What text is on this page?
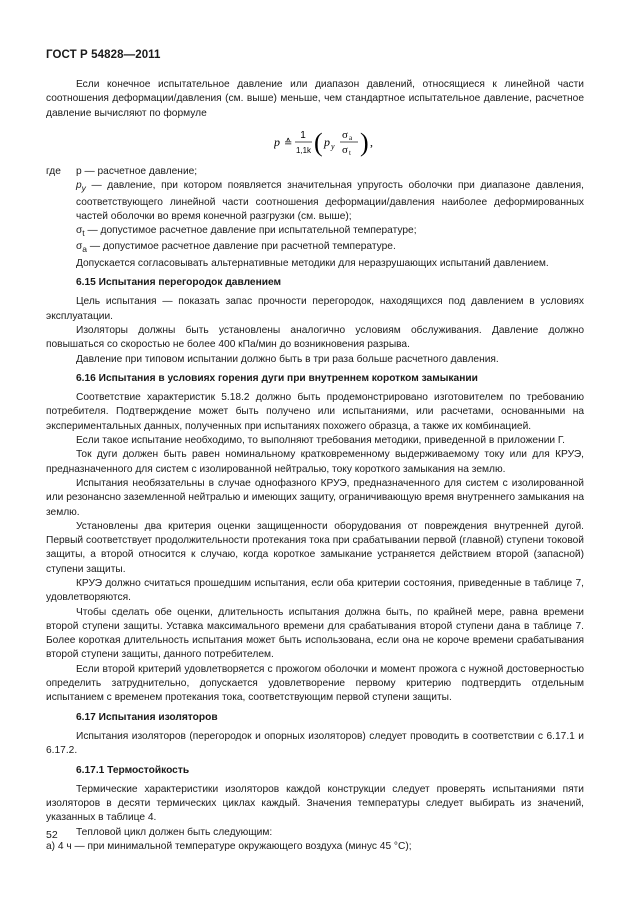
ГОСТ Р 54828—2011

Если конечное испытательное давление или диапазон давлений, относящиеся к линейной части соотношения деформации/давления (см. выше) меньше, чем стандартное испытательное давление, расчетное давление вычисляют по формуле

p ≙
1
1,1k ( p y
σ a
σ t ) ,
где	p — расчетное давление;

$p_y$ — давление, при котором появляется значительная упругость оболочки при диапазоне давления, соответствующего линейной части соотношения деформации/давления наиболее деформированных частей оболочки во время конечной разгрузки (см. выше);

$\sigma_t$ — допустимое расчетное давление при испытательной температуре;

$\sigma_a$ — допустимое расчетное давление при расчетной температуре.

Допускается согласовывать альтернативные методики для неразрушающих испытаний давлением.

6.15 Испытания перегородок давлением

Цель испытания — показать запас прочности перегородок, находящихся под давлением в условиях эксплуатации.

Изоляторы должны быть установлены аналогично условиям обслуживания. Давление должно повышаться со скоростью не более 400 кПа/мин до возникновения разрыва.

Давление при типовом испытании должно быть в три раза больше расчетного давления.

6.16 Испытания в условиях горения дуги при внутреннем коротком замыкании

Соответствие характеристик 5.18.2 должно быть продемонстрировано изготовителем по требованию потребителя. Подтверждение может быть получено или испытаниями, или расчетами, основанными на экспериментальных данных, полученных при испытаниях похожего образца, а также их комбинацией.

Если такое испытание необходимо, то выполняют требования методики, приведенной в приложении Г.

Ток дуги должен быть равен номинальному кратковременному выдерживаемому току или для КРУЭ, предназначенного для систем с изолированной нейтралью, току короткого замыкания на землю.

Испытания необязательны в случае однофазного КРУЭ, предназначенного для систем с изолированной или резонансно заземленной нейтралью и имеющих защиту, ограничивающую время внутреннего замыкания на землю.

Установлены два критерия оценки защищенности оборудования от повреждения внутренней дугой. Первый соответствует продолжительности протекания тока при срабатывании первой (главной) ступени токовой защиты, а второй относится к случаю, когда короткое замыкание устраняется действием второй (запасной) ступени защиты.

КРУЭ должно считаться прошедшим испытания, если оба критерии состояния, приведенные в таблице 7, удовлетворяются.

Чтобы сделать обе оценки, длительность испытания должна быть, по крайней мере, равна времени второй ступени защиты. Уставка максимального времени для срабатывания второй ступени дана в таблице 7. Более короткая длительность испытания может быть использована, если она не короче времени срабатывания второй ступени защиты, данного потребителем.

Если второй критерий удовлетворяется с прожогом оболочки и момент прожога с нужной достоверностью определить затруднительно, допускается удовлетворение первому критерию подтвердить отдельным испытанием с временем протекания тока, соответствующим первой ступени защиты.

6.17 Испытания изоляторов

Испытания изоляторов (перегородок и опорных изоляторов) следует проводить в соответствии с 6.17.1 и 6.17.2.

6.17.1 Термостойкость

Термические характеристики изоляторов каждой конструкции следует проверять испытаниями пяти изоляторов в десяти термических циклах каждый. Значения температуры следует выбирать из значений, указанных в таблице 4.

Тепловой цикл должен быть следующим:

а) 4 ч — при минимальной температуре окружающего воздуха (минус 45 °С);

52
